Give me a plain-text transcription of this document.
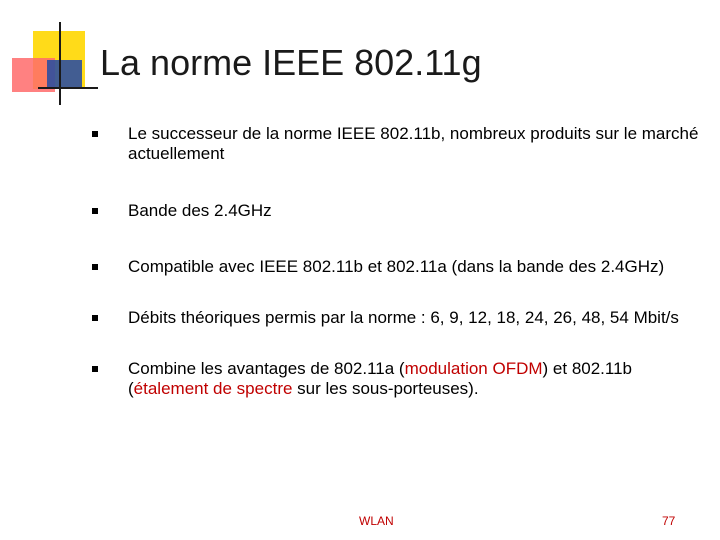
La norme IEEE 802.11g
Le successeur de la norme IEEE 802.11b, nombreux produits sur le marché actuellement
Bande des 2.4GHz
Compatible avec IEEE 802.11b et 802.11a (dans la bande des 2.4GHz)
Débits théoriques permis par la norme : 6, 9, 12, 18, 24, 26, 48, 54 Mbit/s
Combine les avantages de 802.11a (modulation OFDM) et 802.11b (étalement de spectre sur les sous-porteuses).
WLAN	77
